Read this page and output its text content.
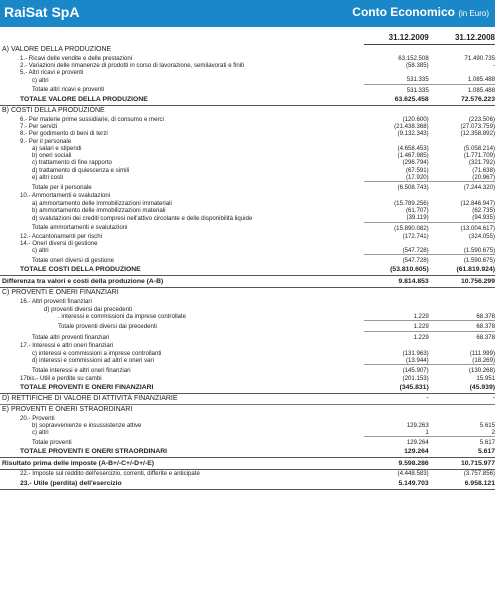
RaiSat SpA	Conto Economico (in Euro)
	31.12.2009	31.12.2008
A) VALORE DELLA PRODUZIONE		
1.- Ricavi delle vendite e delle prestazioni	63.152.508	71.490.735
2.- Variazioni delle rimanenze di prodotti in corso di lavorazione, semilavorati e finiti	(58.385)	-
5.- Altri ricavi e proventi		
c) altri	531.335	1.085.488
Totale altri ricavi e proventi	531.335	1.085.488
TOTALE VALORE DELLA PRODUZIONE	63.625.458	72.576.223
B) COSTI DELLA PRODUZIONE		
6.- Per materie prime sussidiarie, di consumo e merci	(120.600)	(223.506)
7.- Per servizi	(21.438.368)	(27.073.759)
8.- Per godimento di beni di terzi	(9.132.343)	(12.358.892)
9.- Per il personale		
a) salari e stipendi	(4.658.453)	(5.058.214)
b) oneri sociali	(1.467.985)	(1.771.709)
c) trattamento di fine rapporto	(296.794)	(321.792)
d) trattamento di quiescenza e simili	(67.591)	(71.638)
e) altri costi	(17.920)	(20.967)
Totale per il personale	(6.508.743)	(7.244.320)
10.- Ammortamenti e svalutazioni		
a) ammortamento delle immobilizzazioni immateriali	(15.789.256)	(12.846.947)
b) ammortamento delle immobilizzazioni materiali	(61.707)	(62.735)
d) svalutazioni dei crediti compresi nell'attivo circolante e delle disponibilità liquide	(39.119)	(94.935)
Totale ammortamenti e svalutazioni	(15.890.082)	(13.004.617)
12.- Accantonamenti per rischi	(172.741)	(324.055)
14.- Oneri diversi di gestione		
c) altri	(547.728)	(1.590.675)
Totale oneri diversi di gestione	(547.728)	(1.590.675)
TOTALE COSTI DELLA PRODUZIONE	(53.810.605)	(61.819.924)
Differenza tra valori e costi della produzione (A-B)	9.814.853	10.756.299
C) PROVENTI E ONERI FINANZIARI		
16.- Altri proventi finanziari		
d) proventi diversi dai precedenti		
. interessi e commissioni da imprese controllate	1.229	68.378
Totale proventi diversi dai precedenti	1.229	68.378
Totale altri proventi finanziari	1.229	68.378
17.- Interessi e altri oneri finanziari		
c) interessi e commissioni a imprese controllanti	(131.963)	(111.999)
d) interessi e commissioni ad altri e oneri vari	(13.944)	(18.269)
Totale interessi e altri oneri finanziari	(145.907)	(130.268)
17bis.- Utili e perdite su cambi	(201.153)	15.951
TOTALE PROVENTI E ONERI FINANZIARI	(345.831)	(45.939)
D) RETTIFICHE DI VALORE DI ATTIVITÀ FINANZIARIE	-	-
E) PROVENTI E ONERI STRAORDINARI		
20.- Proventi		
b) sopravvenienze e insussistenze attive	129.263	5.615
c) altri	1	2
Totale proventi	129.264	5.617
TOTALE PROVENTI E ONERI STRAORDINARI	129.264	5.617
Risultato prima delle imposte (A-B+/-C+/-D+/-E)	9.598.286	10.715.977
22.- Imposte sul reddito dell'esercizio, correnti, differite e anticipate	(4.448.583)	(3.757.856)
23.- Utile (perdita) dell'esercizio	5.149.703	6.958.121
